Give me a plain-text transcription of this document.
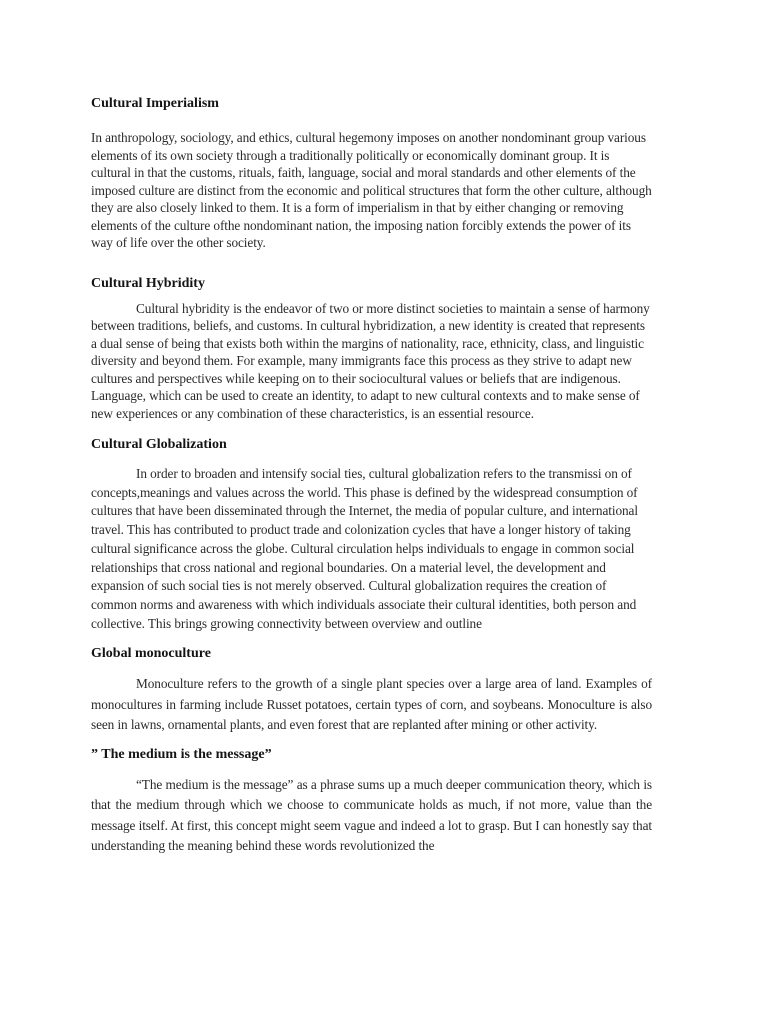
Cultural Imperialism

In anthropology, sociology, and ethics, cultural hegemony imposes on another nondominant group various elements of its own society through a traditionally politically or economically dominant group. It is cultural in that the customs, rituals, faith, language, social and moral standards and other elements of the imposed culture are distinct from the economic and political structures that form the other culture, although they are also closely linked to them. It is a form of imperialism in that by either changing or removing elements of the culture ofthe nondominant nation, the imposing nation forcibly extends the power of its way of life over the other society.

Cultural Hybridity

Cultural hybridity is the endeavor of two or more distinct societies to maintain a sense of harmony between traditions, beliefs, and customs. In cultural hybridization, a new identity is created that represents a dual sense of being that exists both within the margins of nationality, race, ethnicity, class, and linguistic diversity and beyond them. For example, many immigrants face this process as they strive to adapt new cultures and perspectives while keeping on to their sociocultural values or beliefs that are indigenous. Language, which can be used to create an identity, to adapt to new cultural contexts and to make sense of new experiences or any combination of these characteristics, is an essential resource.

Cultural Globalization

In order to broaden and intensify social ties, cultural globalization refers to the transmissi on of concepts,meanings and values across the world. This phase is defined by the widespread consumption of cultures that have been disseminated through the Internet, the media of popular culture, and international travel. This has contributed to product trade and colonization cycles that have a longer history of taking cultural significance across the globe. Cultural circulation helps individuals to engage in common social relationships that cross national and regional boundaries. On a material level, the development and expansion of such social ties is not merely observed. Cultural globalization requires the creation of common norms and awareness with which individuals associate their cultural identities, both person and collective. This brings growing connectivity between overview and outline

Global monoculture

Monoculture refers to the growth of a single plant species over a large area of land. Examples of monocultures in farming include Russet potatoes, certain types of corn, and soybeans. Monoculture is also seen in lawns, ornamental plants, and even forest that are replanted after mining or other activity.

” The medium is the message”

“The medium is the message” as a phrase sums up a much deeper communication theory, which is that the medium through which we choose to communicate holds as much, if not more, value than the message itself. At first, this concept might seem vague and indeed a lot to grasp. But I can honestly say that understanding the meaning behind these words revolutionized the
